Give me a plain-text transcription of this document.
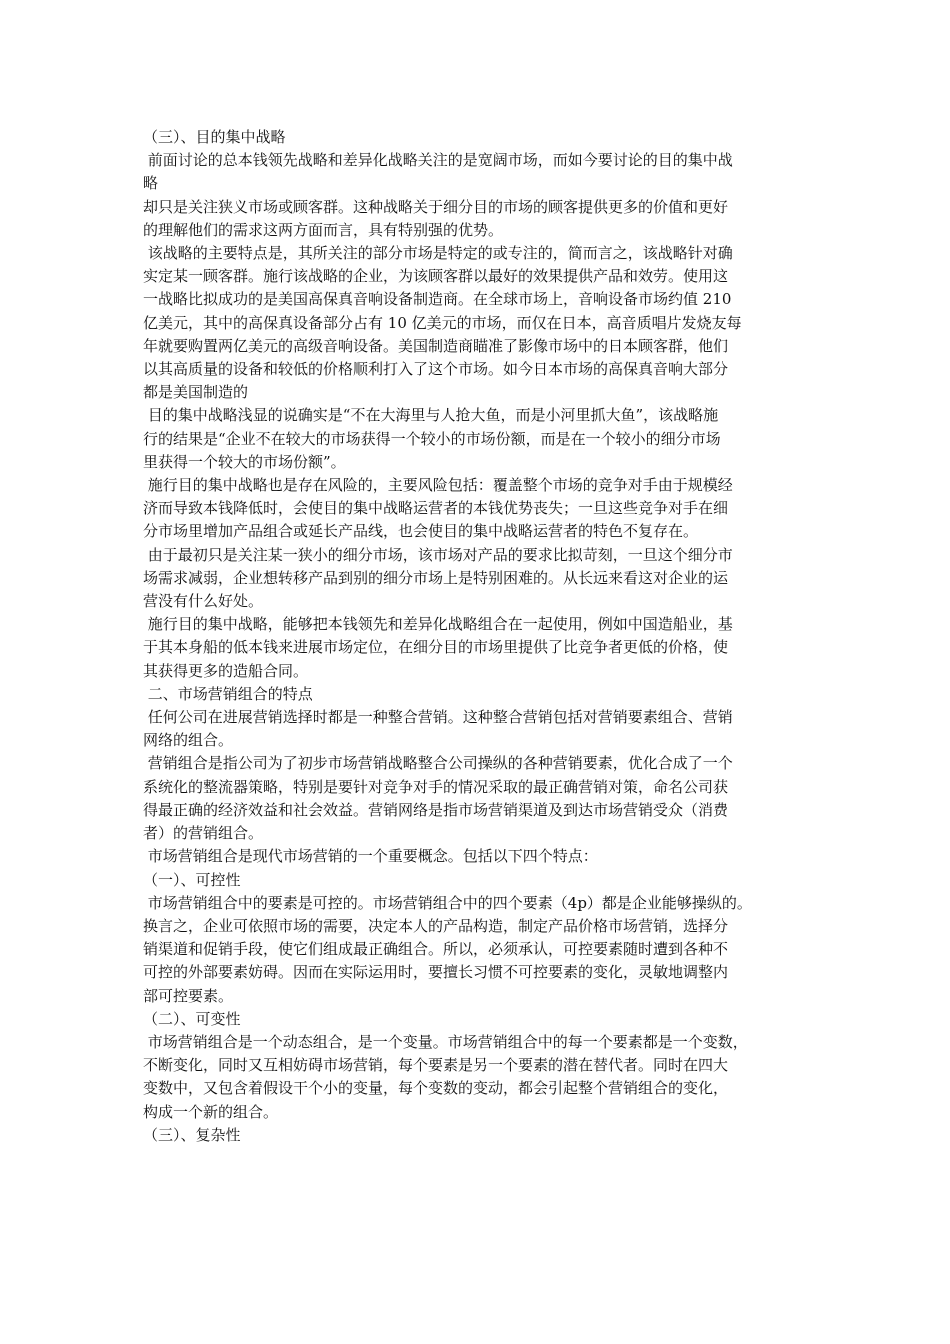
（三）、目的集中战略
前面讨论的总本钱领先战略和差异化战略关注的是宽阔市场，而如今要讨论的目的集中战
略
却只是关注狭义市场或顾客群。这种战略关于细分目的市场的顾客提供更多的价值和更好
的理解他们的需求这两方面而言，具有特别强的优势。
该战略的主要特点是，其所关注的部分市场是特定的或专注的，简而言之，该战略针对确
实定某一顾客群。施行该战略的企业，为该顾客群以最好的效果提供产品和效劳。使用这
一战略比拟成功的是美国高保真音响设备制造商。在全球市场上，音响设备市场约值 210
亿美元，其中的高保真设备部分占有 10 亿美元的市场，而仅在日本，高音质唱片发烧友每
年就要购置两亿美元的高级音响设备。美国制造商瞄准了影像市场中的日本顾客群，他们
以其高质量的设备和较低的价格顺利打入了这个市场。如今日本市场的高保真音响大部分
都是美国制造的
目的集中战略浅显的说确实是“不在大海里与人抢大鱼，而是小河里抓大鱼”，该战略施
行的结果是“企业不在较大的市场获得一个较小的市场份额，而是在一个较小的细分市场
里获得一个较大的市场份额”。
施行目的集中战略也是存在风险的，主要风险包括：覆盖整个市场的竞争对手由于规模经
济而导致本钱降低时，会使目的集中战略运营者的本钱优势丧失；一旦这些竞争对手在细
分市场里增加产品组合或延长产品线，也会使目的集中战略运营者的特色不复存在。
由于最初只是关注某一狭小的细分市场，该市场对产品的要求比拟苛刻，一旦这个细分市
场需求减弱，企业想转移产品到别的细分市场上是特别困难的。从长远来看这对企业的运
营没有什么好处。
施行目的集中战略，能够把本钱领先和差异化战略组合在一起使用，例如中国造船业，基
于其本身船的低本钱来进展市场定位，在细分目的市场里提供了比竞争者更低的价格，使
其获得更多的造船合同。
二、市场营销组合的特点
任何公司在进展营销选择时都是一种整合营销。这种整合营销包括对营销要素组合、营销
网络的组合。
营销组合是指公司为了初步市场营销战略整合公司操纵的各种营销要素，优化合成了一个
系统化的整流器策略，特别是要针对竞争对手的情况采取的最正确营销对策，命名公司获
得最正确的经济效益和社会效益。营销网络是指市场营销渠道及到达市场营销受众（消费
者）的营销组合。
市场营销组合是现代市场营销的一个重要概念。包括以下四个特点：
（一）、可控性
市场营销组合中的要素是可控的。市场营销组合中的四个要素（4p）都是企业能够操纵的。
换言之，企业可依照市场的需要，决定本人的产品构造，制定产品价格市场营销，选择分
销渠道和促销手段，使它们组成最正确组合。所以，必须承认，可控要素随时遭到各种不
可控的外部要素妨碍。因而在实际运用时，要擅长习惯不可控要素的变化，灵敏地调整内
部可控要素。
（二）、可变性
市场营销组合是一个动态组合，是一个变量。市场营销组合中的每一个要素都是一个变数，
不断变化，同时又互相妨碍市场营销，每个要素是另一个要素的潜在替代者。同时在四大
变数中，又包含着假设干个小的变量，每个变数的变动，都会引起整个营销组合的变化，
构成一个新的组合。
（三）、复杂性
